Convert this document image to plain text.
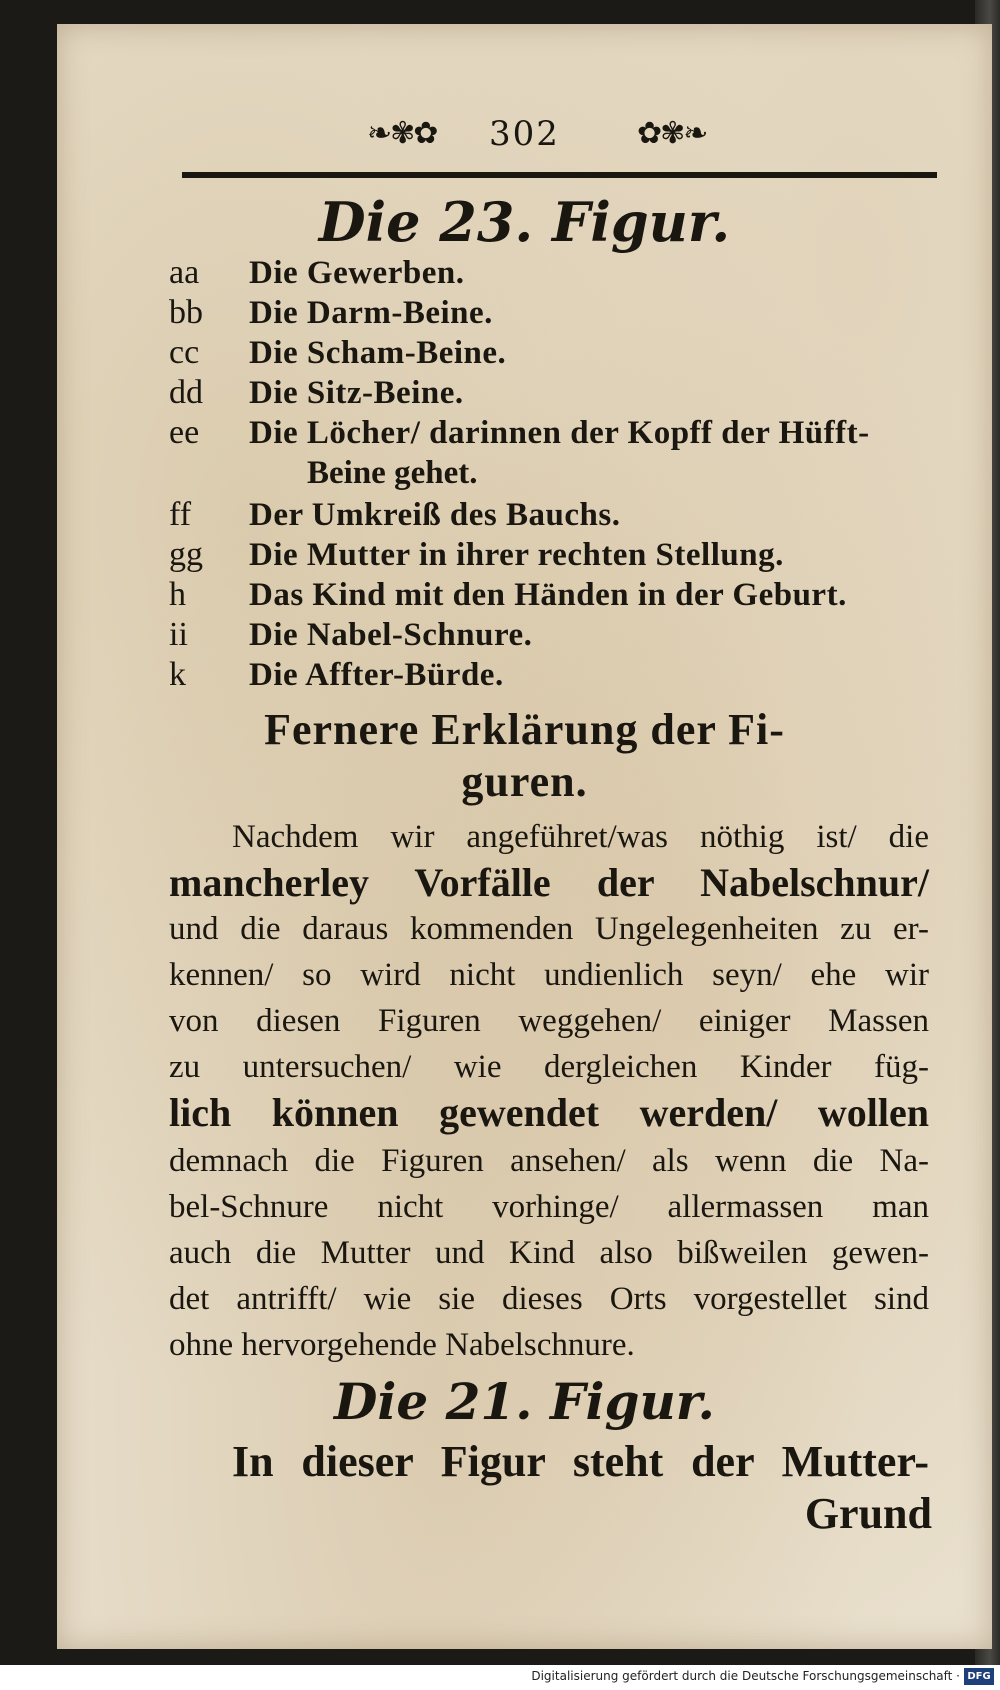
❧✾✿	302	✿✾❧
Die 23. Figur.
aa	Die Gewerben.
bb	Die Darm-Beine.
cc	Die Scham-Beine.
dd	Die Sitz-Beine.
ee	Die Löcher/ darinnen der Kopff der Hüfft-
Beine gehet.
ff	Der Umkreiß des Bauchs.
gg	Die Mutter in ihrer rechten Stellung.
h	Das Kind mit den Händen in der Geburt.
ii	Die Nabel-Schnure.
k	Die Affter-Bürde.
Fernere Erklärung der Fi-
guren.
Nachdem wir angeführet/was nöthig ist/ die
mancherley Vorfälle der Nabelschnur/
und die daraus kommenden Ungelegenheiten zu er-
kennen/ so wird nicht undienlich seyn/ ehe wir
von diesen Figuren weggehen/ einiger Massen
zu untersuchen/ wie dergleichen Kinder füg-
lich können gewendet werden/ wollen
demnach die Figuren ansehen/ als wenn die Na-
bel-Schnure nicht vorhinge/ allermassen man
auch die Mutter und Kind also bißweilen gewen-
det antrifft/ wie sie dieses Orts vorgestellet sind
ohne hervorgehende Nabelschnure.
Die 21. Figur.
In dieser Figur steht der Mutter-
Grund
Digitalisierung gefördert durch die Deutsche Forschungsgemeinschaft · DFG
